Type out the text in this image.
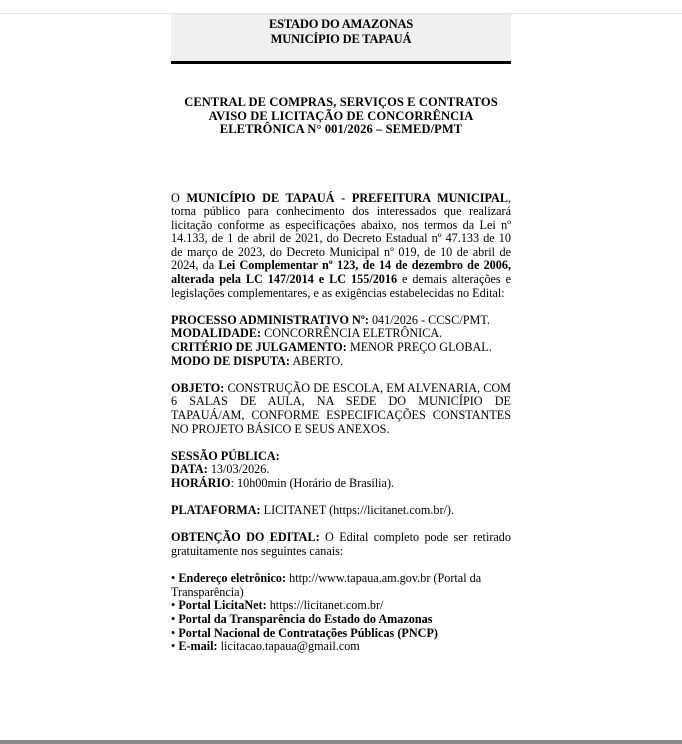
ESTADO DO AMAZONAS
MUNICÍPIO DE TAPAUÁ
CENTRAL DE COMPRAS, SERVIÇOS E CONTRATOS
AVISO DE LICITAÇÃO DE CONCORRÊNCIA
ELETRÔNICA N° 001/2026 – SEMED/PMT
O MUNICÍPIO DE TAPAUÁ - PREFEITURA MUNICIPAL, torna público para conhecimento dos interessados que realizará licitação conforme as especificações abaixo, nos termos da Lei nº 14.133, de 1 de abril de 2021, do Decreto Estadual nº 47.133 de 10 de março de 2023, do Decreto Municipal nº 019, de 10 de abril de 2024, da Lei Complementar nº 123, de 14 de dezembro de 2006, alterada pela LC 147/2014 e LC 155/2016 e demais alterações e legislações complementares, e as exigências estabelecidas no Edital:
PROCESSO ADMINISTRATIVO Nº: 041/2026 - CCSC/PMT.
MODALIDADE: CONCORRÊNCIA ELETRÔNICA.
CRITÉRIO DE JULGAMENTO: MENOR PREÇO GLOBAL.
MODO DE DISPUTA: ABERTO.
OBJETO: CONSTRUÇÃO DE ESCOLA, EM ALVENARIA, COM 6 SALAS DE AULA, NA SEDE DO MUNICÍPIO DE TAPAUÁ/AM, CONFORME ESPECIFICAÇÕES CONSTANTES NO PROJETO BÁSICO E SEUS ANEXOS.
SESSÃO PÚBLICA:
DATA: 13/03/2026.
HORÁRIO: 10h00min (Horário de Brasília).
PLATAFORMA: LICITANET (https://licitanet.com.br/).
OBTENÇÃO DO EDITAL: O Edital completo pode ser retirado gratuitamente nos seguintes canais:
• Endereço eletrônico: http://www.tapaua.am.gov.br (Portal da Transparência)
• Portal LicitaNet: https://licitanet.com.br/
• Portal da Transparência do Estado do Amazonas
• Portal Nacional de Contratações Públicas (PNCP)
• E-mail: licitacao.tapaua@gmail.com
